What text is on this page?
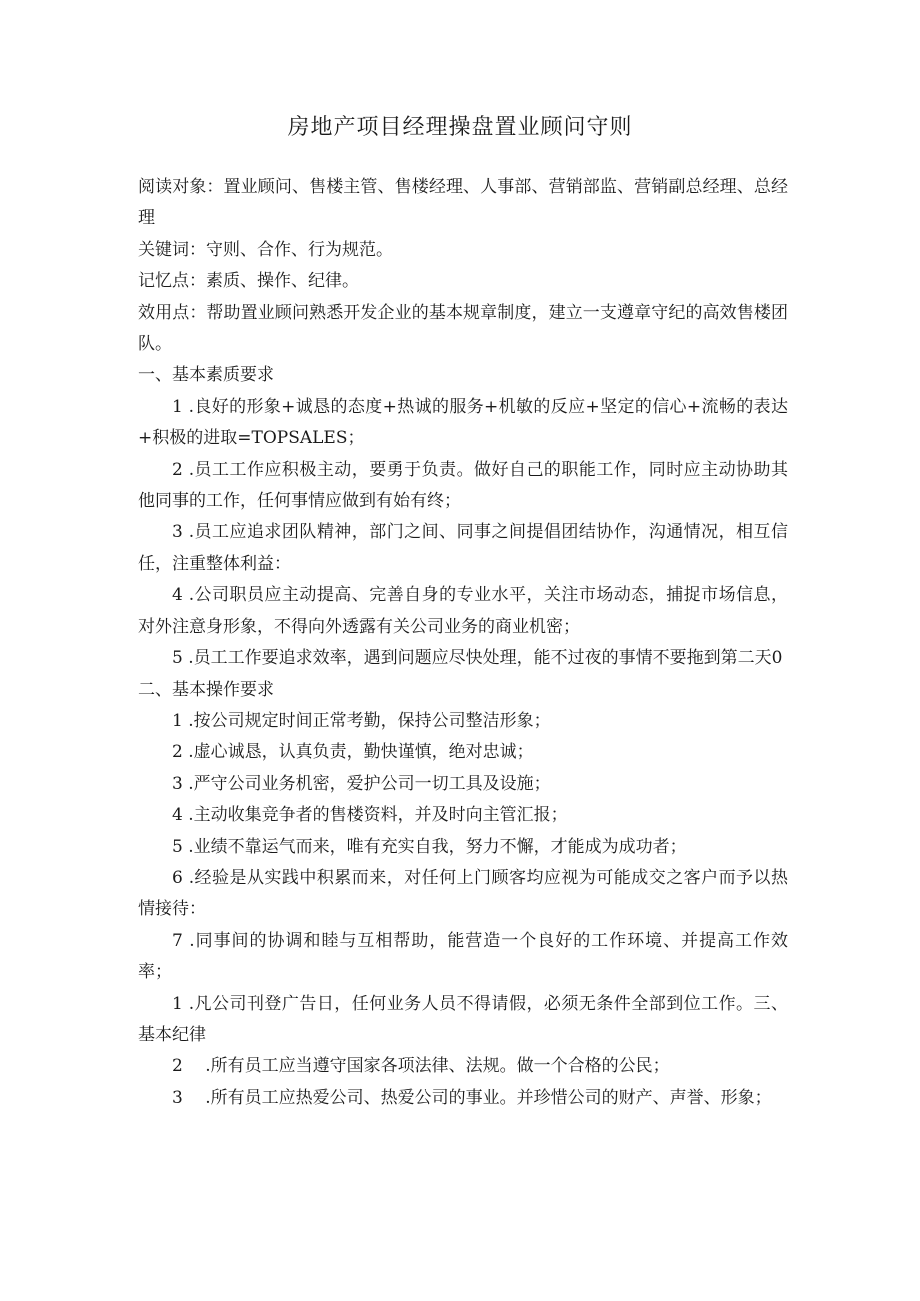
房地产项目经理操盘置业顾问守则

阅读对象：置业顾问、售楼主管、售楼经理、人事部、营销部监、营销副总经理、总经理

关键词：守则、合作、行为规范。

记忆点：素质、操作、纪律。

效用点：帮助置业顾问熟悉开发企业的基本规章制度，建立一支遵章守纪的高效售楼团队。

一、基本素质要求

1 .良好的形象+诚恳的态度+热诚的服务+机敏的反应+坚定的信心+流畅的表达+积极的进取=TOPSALES；

2 .员工工作应积极主动，要勇于负责。做好自己的职能工作，同时应主动协助其他同事的工作，任何事情应做到有始有终；

3 .员工应追求团队精神，部门之间、同事之间提倡团结协作，沟通情况，相互信任，注重整体利益：

4 .公司职员应主动提高、完善自身的专业水平，关注市场动态，捕捉市场信息，对外注意身形象，不得向外透露有关公司业务的商业机密；

5 .员工工作要追求效率，遇到问题应尽快处理，能不过夜的事情不要拖到第二天0

二、基本操作要求

1 .按公司规定时间正常考勤，保持公司整洁形象；

2 .虚心诚恳，认真负责，勤快谨慎，绝对忠诚；

3 .严守公司业务机密，爱护公司一切工具及设施；

4 .主动收集竞争者的售楼资料，并及时向主管汇报；

5 .业绩不靠运气而来，唯有充实自我，努力不懈，才能成为成功者；

6 .经验是从实践中积累而来，对任何上门顾客均应视为可能成交之客户而予以热情接待：

7 .同事间的协调和睦与互相帮助，能营造一个良好的工作环境、并提高工作效率；

1 .凡公司刊登广告日，任何业务人员不得请假，必须无条件全部到位工作。三、基本纪律

2　 .所有员工应当遵守国家各项法律、法规。做一个合格的公民；

3　 .所有员工应热爱公司、热爱公司的事业。并珍惜公司的财产、声誉、形象；
